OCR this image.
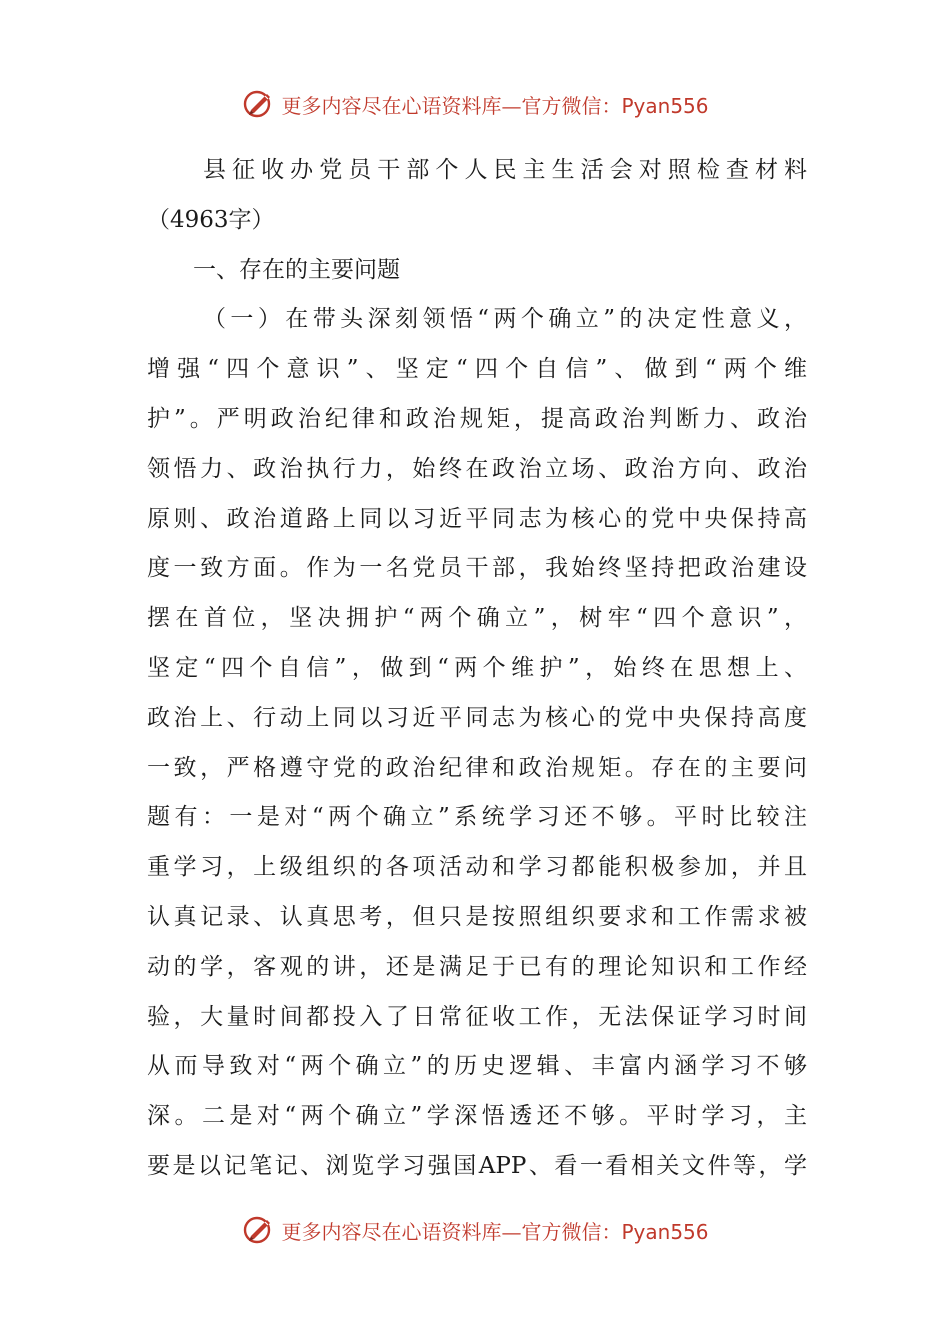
更多内容尽在心语资料库—官方微信：Pyan556
县征收办党员干部个人民主生活会对照检查材料
（4963字）
一、存在的主要问题
（一）在带头深刻领悟“两个确立”的决定性意义，
增强“四个意识”、坚定“四个自信”、做到“两个维
护”。严明政治纪律和政治规矩，提高政治判断力、政治
领悟力、政治执行力，始终在政治立场、政治方向、政治
原则、政治道路上同以习近平同志为核心的党中央保持高
度一致方面。作为一名党员干部，我始终坚持把政治建设
摆在首位，坚决拥护“两个确立”，树牢“四个意识”，
坚定“四个自信”，做到“两个维护”，始终在思想上、
政治上、行动上同以习近平同志为核心的党中央保持高度
一致，严格遵守党的政治纪律和政治规矩。存在的主要问
题有：一是对“两个确立”系统学习还不够。平时比较注
重学习，上级组织的各项活动和学习都能积极参加，并且
认真记录、认真思考，但只是按照组织要求和工作需求被
动的学，客观的讲，还是满足于已有的理论知识和工作经
验，大量时间都投入了日常征收工作，无法保证学习时间
从而导致对“两个确立”的历史逻辑、丰富内涵学习不够
深。二是对“两个确立”学深悟透还不够。平时学习，主
要是以记笔记、浏览学习强国APP、看一看相关文件等，学
更多内容尽在心语资料库—官方微信：Pyan556
